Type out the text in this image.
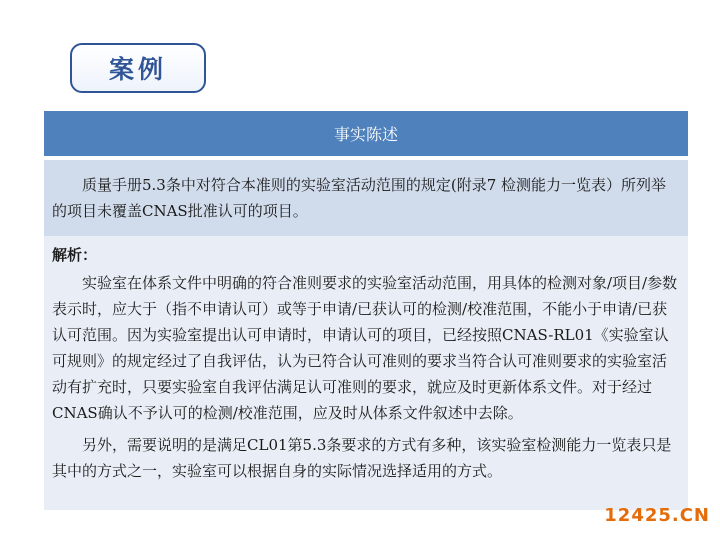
案例
事实陈述

质量手册5.3条中对符合本准则的实验室活动范围的规定(附录7 检测能力一览表）所列举的项目未覆盖CNAS批准认可的项目。

解析：

实验室在体系文件中明确的符合准则要求的实验室活动范围，用具体的检测对象/项目/参数表示时，应大于（指不申请认可）或等于申请/已获认可的检测/校准范围，不能小于申请/已获认可范围。因为实验室提出认可申请时，申请认可的项目，已经按照CNAS-RL01《实验室认可规则》的规定经过了自我评估，认为已符合认可准则的要求当符合认可准则要求的实验室活动有扩充时，只要实验室自我评估满足认可准则的要求，就应及时更新体系文件。对于经过CNAS确认不予认可的检测/校准范围，应及时从体系文件叙述中去除。

另外，需要说明的是满足CL01第5.3条要求的方式有多种，该实验室检测能力一览表只是其中的方式之一，实验室可以根据自身的实际情况选择适用的方式。

12425.CN
